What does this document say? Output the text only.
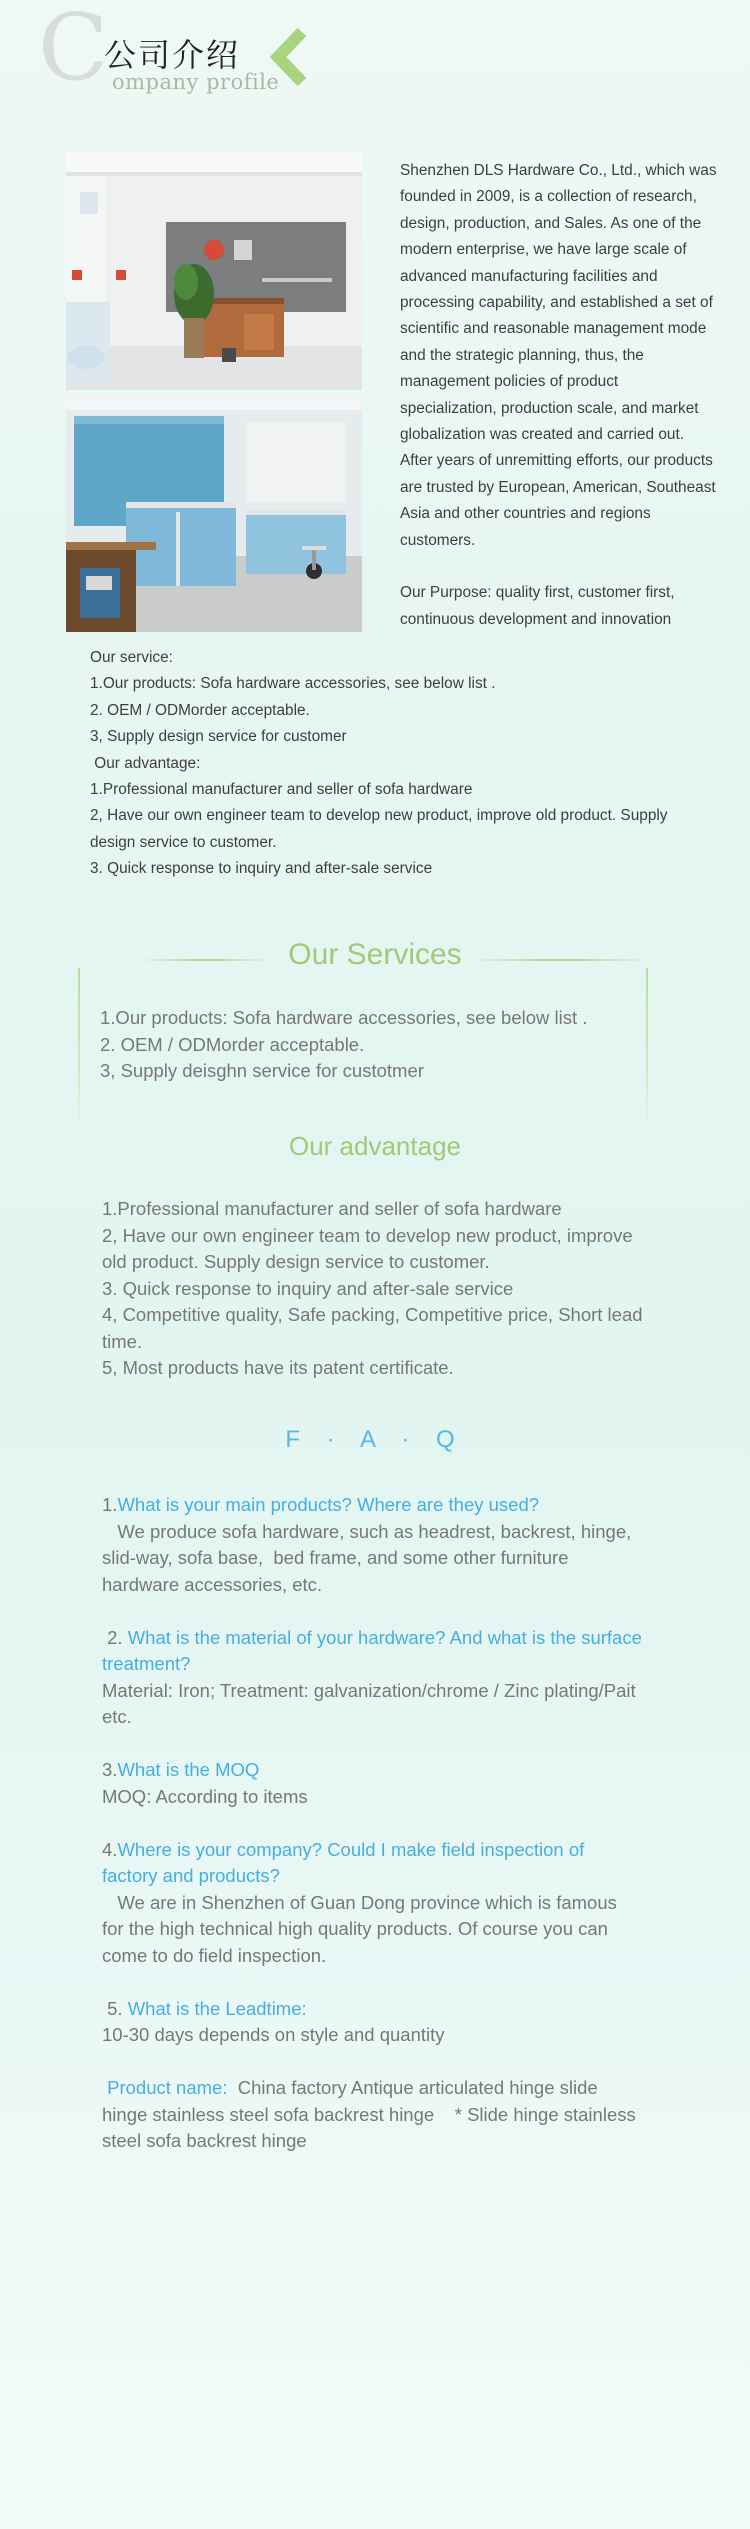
C
公司介绍
ompany profile

Shenzhen DLS Hardware Co., Ltd., which was founded in 2009, is a collection of research, design, production, and Sales. As one of the modern enterprise, we have large scale of advanced manufacturing facilities and processing capability, and established a set of scientific and reasonable management mode and the strategic planning, thus, the management policies of product specialization, production scale, and market globalization was created and carried out. After years of unremitting efforts, our products are trusted by European, American, Southeast Asia and other countries and regions customers.

Our Purpose: quality first, customer first, continuous development and innovation

Our service:
1.Our products: Sofa hardware accessories, see below list .
2. OEM / ODMorder acceptable.
3, Supply design service for customer
Our advantage:
1.Professional manufacturer and seller of sofa hardware
2, Have our own engineer team to develop new product, improve old product. Supply design service to customer.
3. Quick response to inquiry and after-sale service
Our Services
1.Our products: Sofa hardware accessories, see below list .
2. OEM / ODMorder acceptable.
3, Supply deisghn service for custotmer
Our advantage
1.Professional manufacturer and seller of sofa hardware
2, Have our own engineer team to develop new product, improve old product. Supply design service to customer.
3. Quick response to inquiry and after-sale service
4, Competitive quality, Safe packing, Competitive price, Short lead time.
5, Most products have its patent certificate.
F · A · Q
1.What is your main products? Where are they used?
We produce sofa hardware, such as headrest, backrest, hinge, slid-way, sofa base,  bed frame, and some other furniture hardware accessories, etc.
2. What is the material of your hardware? And what is the surface treatment?
Material: Iron; Treatment: galvanization/chrome / Zinc plating/Pait etc.
3.What is the MOQ
MOQ: According to items
4.Where is your company? Could I make field inspection of factory and products?
We are in Shenzhen of Guan Dong province which is famous for the high technical high quality products. Of course you can come to do field inspection.
5. What is the Leadtime:
10-30 days depends on style and quantity
Product name:  China factory Antique articulated hinge slide hinge stainless steel sofa backrest hinge    * Slide hinge stainless steel sofa backrest hinge
